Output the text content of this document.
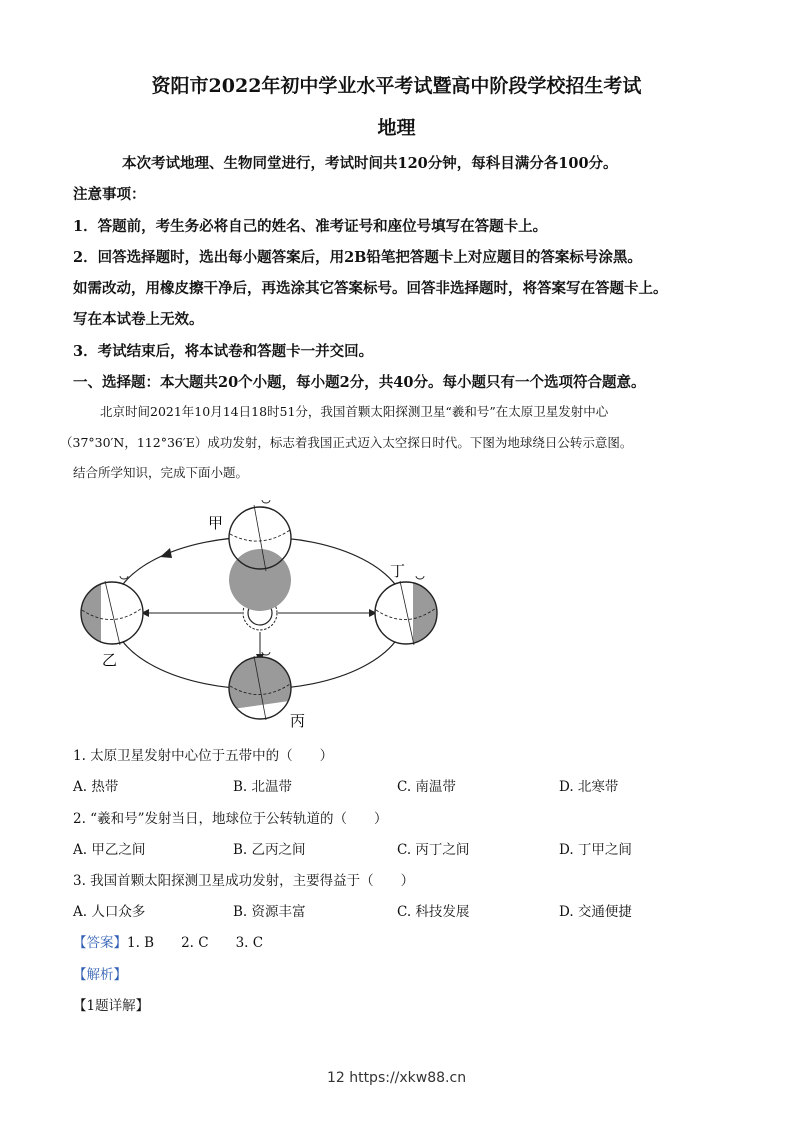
资阳市2022年初中学业水平考试暨高中阶段学校招生考试
地理
本次考试地理、生物同堂进行，考试时间共120分钟，每科目满分各100分。
注意事项：
1．答题前，考生务必将自己的姓名、准考证号和座位号填写在答题卡上。
2．回答选择题时，选出每小题答案后，用2B铅笔把答题卡上对应题目的答案标号涂黑。
如需改动，用橡皮擦干净后，再选涂其它答案标号。回答非选择题时，将答案写在答题卡上。
写在本试卷上无效。
3．考试结束后，将本试卷和答题卡一并交回。
一、选择题：本大题共20个小题，每小题2分，共40分。每小题只有一个选项符合题意。
北京时间2021年10月14日18时51分，我国首颗太阳探测卫星“羲和号”在太原卫星发射中心
（37°30′N，112°36′E）成功发射，标志着我国正式迈入太空探日时代。下图为地球绕日公转示意图。
结合所学知识，完成下面小题。
甲
乙
丙
丁
1. 太原卫星发射中心位于五带中的（　　）
A. 热带	B. 北温带	C. 南温带	D. 北寒带
2. “羲和号”发射当日，地球位于公转轨道的（　　）
A. 甲乙之间	B. 乙丙之间	C. 丙丁之间	D. 丁甲之间
3. 我国首颗太阳探测卫星成功发射，主要得益于（　　）
A. 人口众多	B. 资源丰富	C. 科技发展	D. 交通便捷
【答案】1. B　　2. C　　3. C
【解析】
【1题详解】
12 https://xkw88.cn
